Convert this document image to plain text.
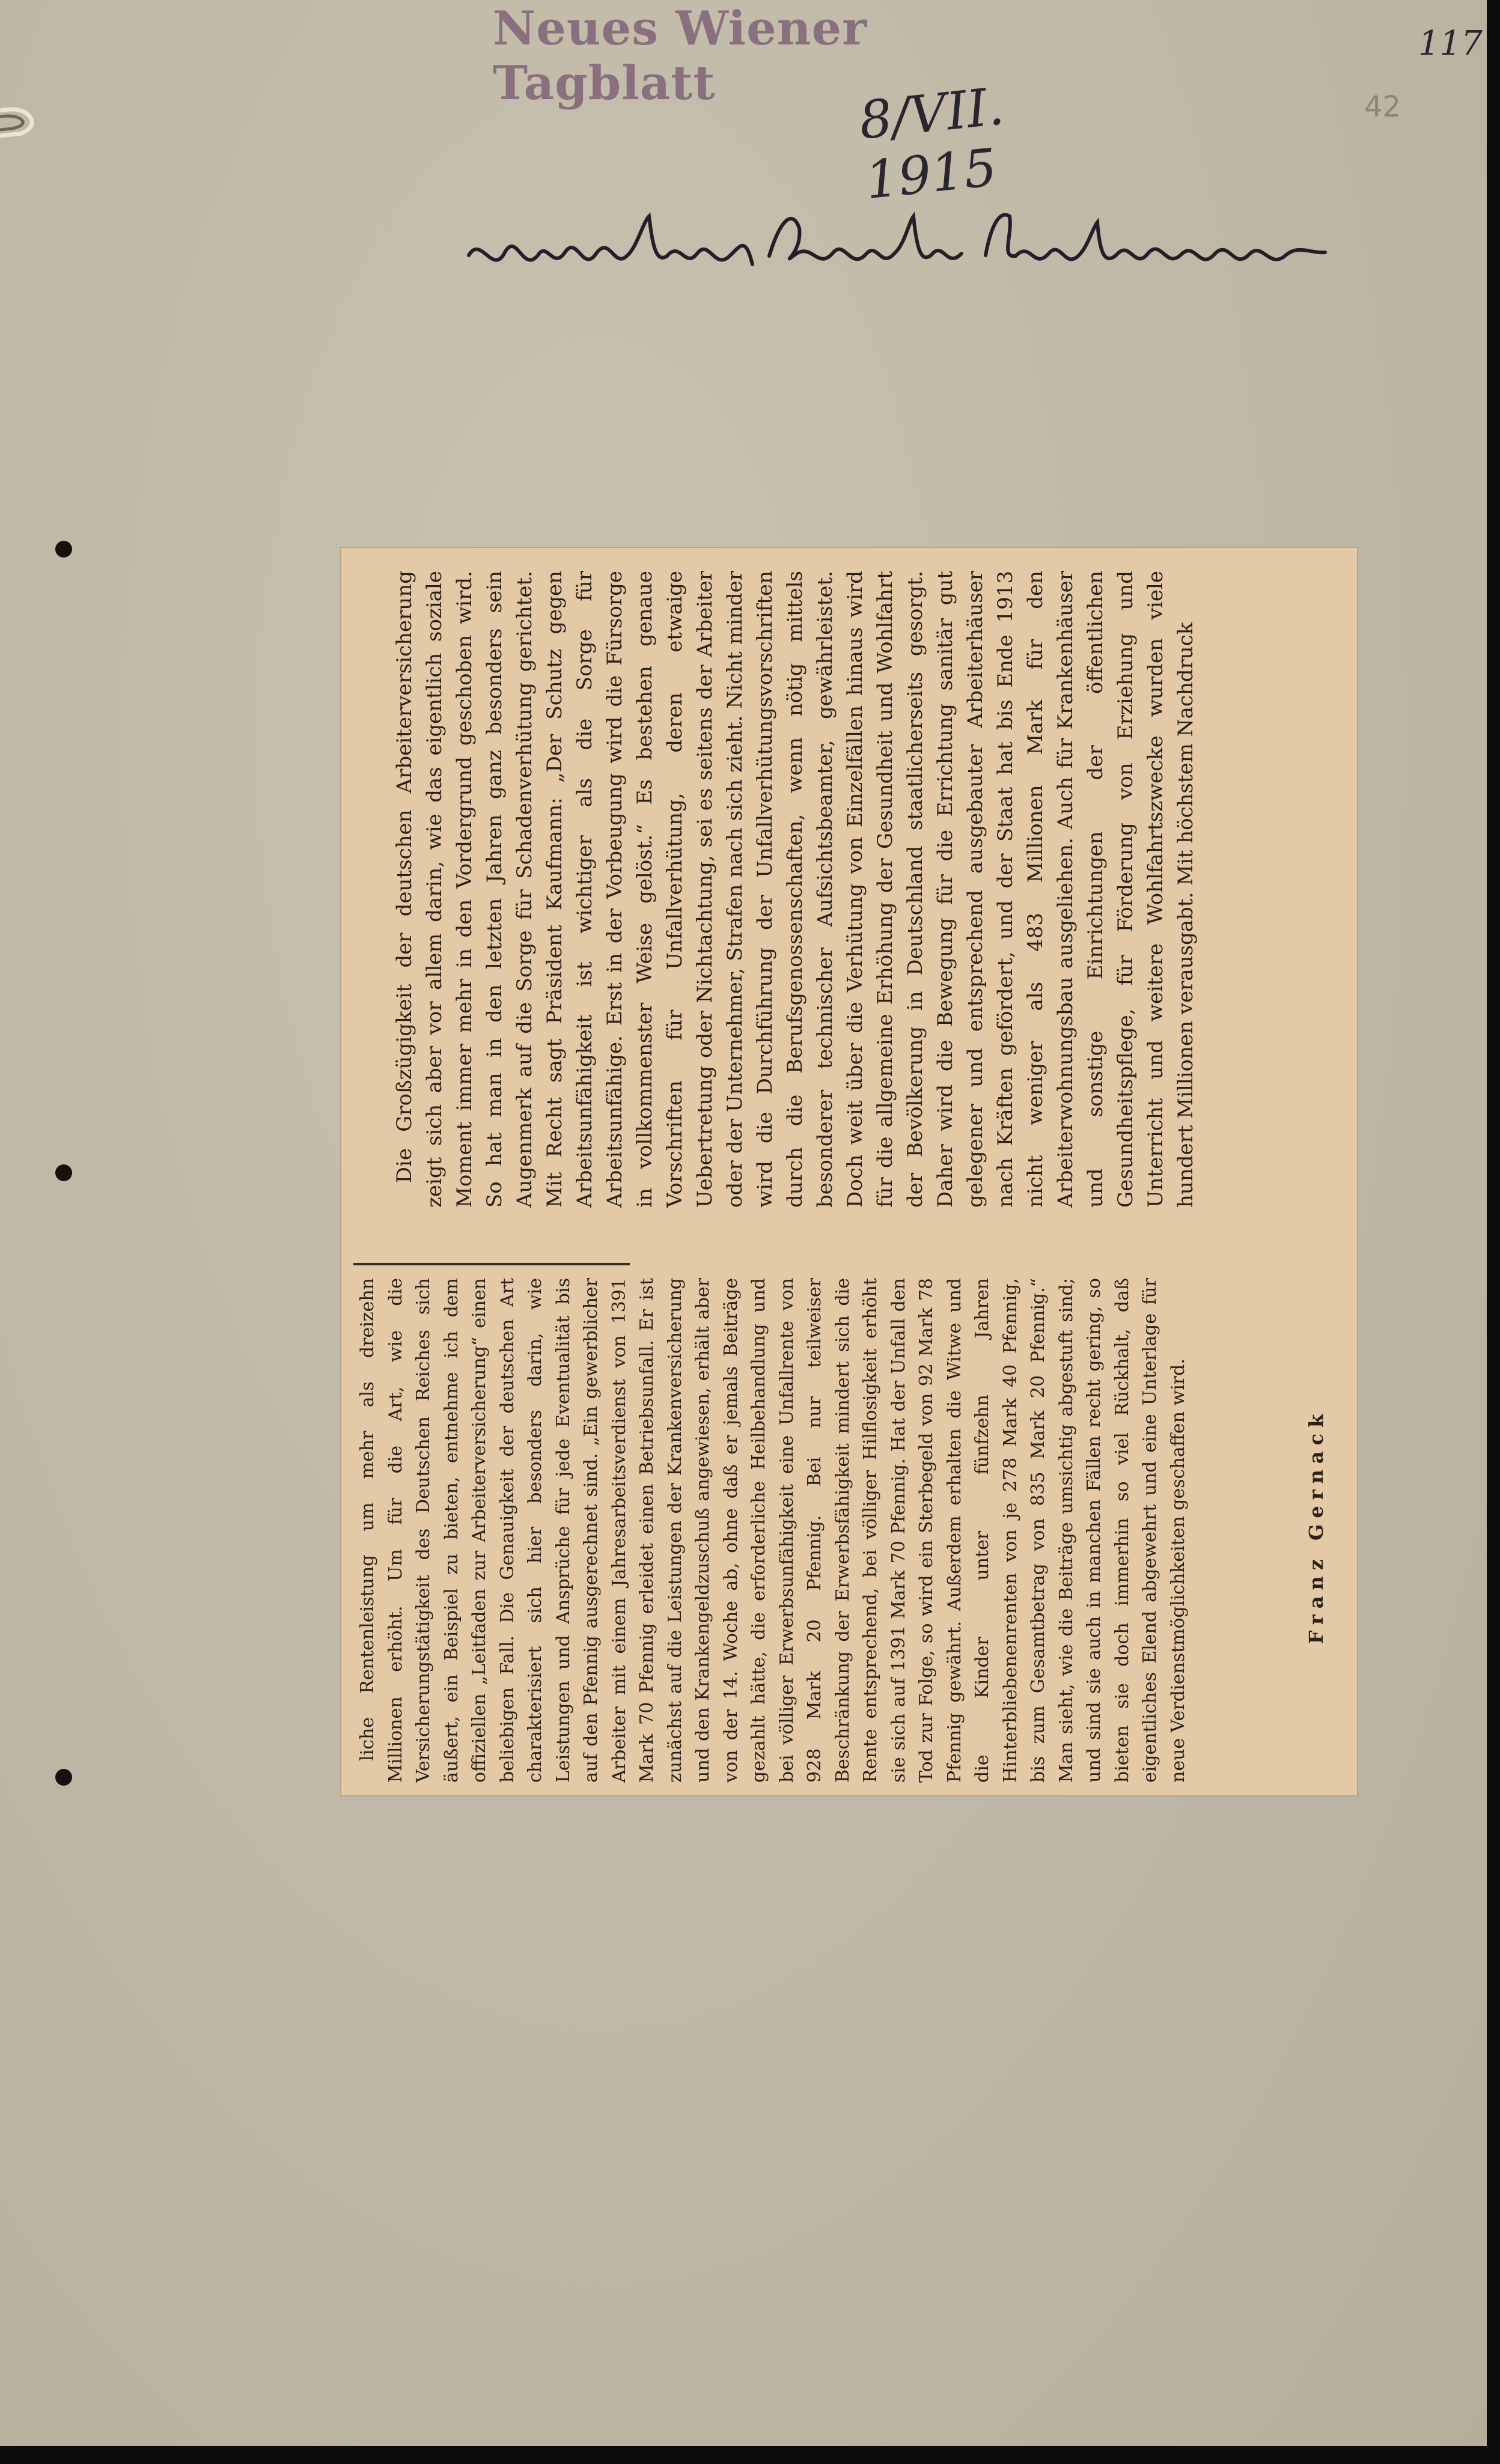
Neues Wiener Tagblatt	8/VII. 1915
117
42
liche Rentenleistung um mehr als dreizehn Millionen erhöht. Um für die Art, wie die Versicherungstätigkeit des Deutschen Reiches sich äußert, ein Beispiel zu bieten, entnehme ich dem offiziellen „Leitfaden zur Arbeiterversicherung“ einen beliebigen Fall. Die Genauigkeit der deutschen Art charakterisiert sich hier besonders darin, wie Leistungen und Ansprüche für jede Eventualität bis auf den Pfennig ausgerechnet sind. „Ein gewerblicher Arbeiter mit einem Jahresarbeitsverdienst von 1391 Mark 70 Pfennig erleidet einen Betriebsunfall. Er ist zunächst auf die Leistungen der Krankenversicherung und den Krankengeldzuschuß angewiesen, erhält aber von der 14. Woche ab, ohne daß er jemals Beiträge gezahlt hätte, die erforderliche Heilbehandlung und bei völliger Erwerbsunfähigkeit eine Unfallrente von 928 Mark 20 Pfennig. Bei nur teilweiser Beschränkung der Erwerbsfähigkeit mindert sich die Rente entsprechend, bei völliger Hilflosigkeit erhöht sie sich auf 1391 Mark 70 Pfennig. Hat der Unfall den Tod zur Folge, so wird ein Sterbegeld von 92 Mark 78 Pfennig gewährt. Außerdem erhalten die Witwe und die Kinder unter fünfzehn Jahren Hinterbliebenenrenten von je 278 Mark 40 Pfennig, bis zum Gesamtbetrag von 835 Mark 20 Pfennig.“ Man sieht, wie die Beiträge umsichtig abgestuft sind; und sind sie auch in manchen Fällen recht gering, so bieten sie doch immerhin so viel Rückhalt, daß eigentliches Elend abgewehrt und eine Unterlage für neue Verdienstmöglichkeiten geschaffen wird.
Die Großzügigkeit der deutschen Arbeiterversicherung zeigt sich aber vor allem darin, wie das eigentlich soziale Moment immer mehr in den Vordergrund geschoben wird. So hat man in den letzten Jahren ganz besonders sein Augenmerk auf die Sorge für Schadenverhütung gerichtet. Mit Recht sagt Präsident Kaufmann: „Der Schutz gegen Arbeitsunfähigkeit ist wichtiger als die Sorge für Arbeitsunfähige. Erst in der Vorbeugung wird die Fürsorge in vollkommenster Weise gelöst.“ Es bestehen genaue Vorschriften für Unfallverhütung, deren etwaige Uebertretung oder Nichtachtung, sei es seitens der Arbeiter oder der Unternehmer, Strafen nach sich zieht. Nicht minder wird die Durchführung der Unfallverhütungsvorschriften durch die Berufsgenossenschaften, wenn nötig mittels besonderer technischer Aufsichtsbeamter, gewährleistet. Doch weit über die Verhütung von Einzelfällen hinaus wird für die allgemeine Erhöhung der Gesundheit und Wohlfahrt der Bevölkerung in Deutschland staatlicherseits gesorgt. Daher wird die Bewegung für die Errichtung sanitär gut gelegener und entsprechend ausgebauter Arbeiterhäuser nach Kräften gefördert, und der Staat hat bis Ende 1913 nicht weniger als 483 Millionen Mark für den Arbeiterwohnungsbau ausgeliehen. Auch für Krankenhäuser und sonstige Einrichtungen der öffentlichen Gesundheitspflege, für Förderung von Erziehung und Unterricht und weitere Wohlfahrtszwecke wurden viele hundert Millionen verausgabt. Mit höchstem Nachdruck
Franz Gernack
